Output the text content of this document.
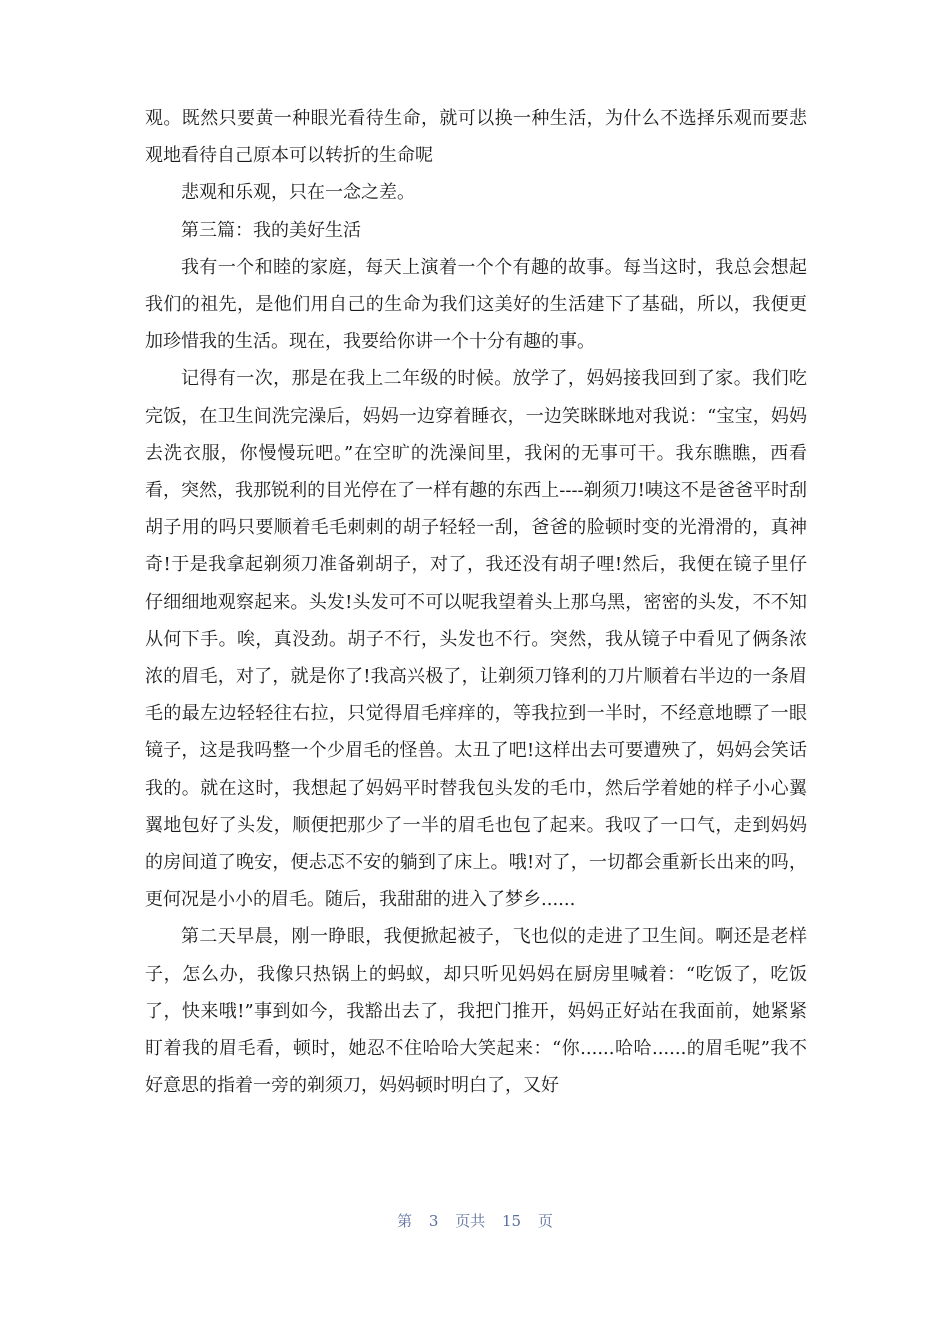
观。既然只要黄一种眼光看待生命，就可以换一种生活，为什么不选择乐观而要悲观地看待自己原本可以转折的生命呢

悲观和乐观，只在一念之差。

第三篇：我的美好生活

我有一个和睦的家庭，每天上演着一个个有趣的故事。每当这时，我总会想起我们的祖先，是他们用自己的生命为我们这美好的生活建下了基础，所以，我便更加珍惜我的生活。现在，我要给你讲一个十分有趣的事。

记得有一次，那是在我上二年级的时候。放学了，妈妈接我回到了家。我们吃完饭，在卫生间洗完澡后，妈妈一边穿着睡衣，一边笑眯眯地对我说：“宝宝，妈妈去洗衣服，你慢慢玩吧。”在空旷的洗澡间里，我闲的无事可干。我东瞧瞧，西看看，突然，我那锐利的目光停在了一样有趣的东西上----剃须刀!咦这不是爸爸平时刮胡子用的吗只要顺着毛毛刺刺的胡子轻轻一刮，爸爸的脸顿时变的光滑滑的，真神奇!于是我拿起剃须刀准备剃胡子，对了，我还没有胡子哩!然后，我便在镜子里仔仔细细地观察起来。头发!头发可不可以呢我望着头上那乌黑，密密的头发，不不知从何下手。唉，真没劲。胡子不行，头发也不行。突然，我从镜子中看见了俩条浓浓的眉毛，对了，就是你了!我高兴极了，让剃须刀锋利的刀片顺着右半边的一条眉毛的最左边轻轻往右拉，只觉得眉毛痒痒的，等我拉到一半时，不经意地瞟了一眼镜子，这是我吗整一个少眉毛的怪兽。太丑了吧!这样出去可要遭殃了，妈妈会笑话我的。就在这时，我想起了妈妈平时替我包头发的毛巾，然后学着她的样子小心翼翼地包好了头发，顺便把那少了一半的眉毛也包了起来。我叹了一口气，走到妈妈的房间道了晚安，便忐忑不安的躺到了床上。哦!对了，一切都会重新长出来的吗，更何况是小小的眉毛。随后，我甜甜的进入了梦乡......

第二天早晨，刚一睁眼，我便掀起被子，飞也似的走进了卫生间。啊还是老样子，怎么办，我像只热锅上的蚂蚁，却只听见妈妈在厨房里喊着：“吃饭了，吃饭了，快来哦!”事到如今，我豁出去了，我把门推开，妈妈正好站在我面前，她紧紧盯着我的眉毛看，顿时，她忍不住哈哈大笑起来：“你......哈哈......的眉毛呢”我不好意思的指着一旁的剃须刀，妈妈顿时明白了，又好

第 3 页共 15 页
